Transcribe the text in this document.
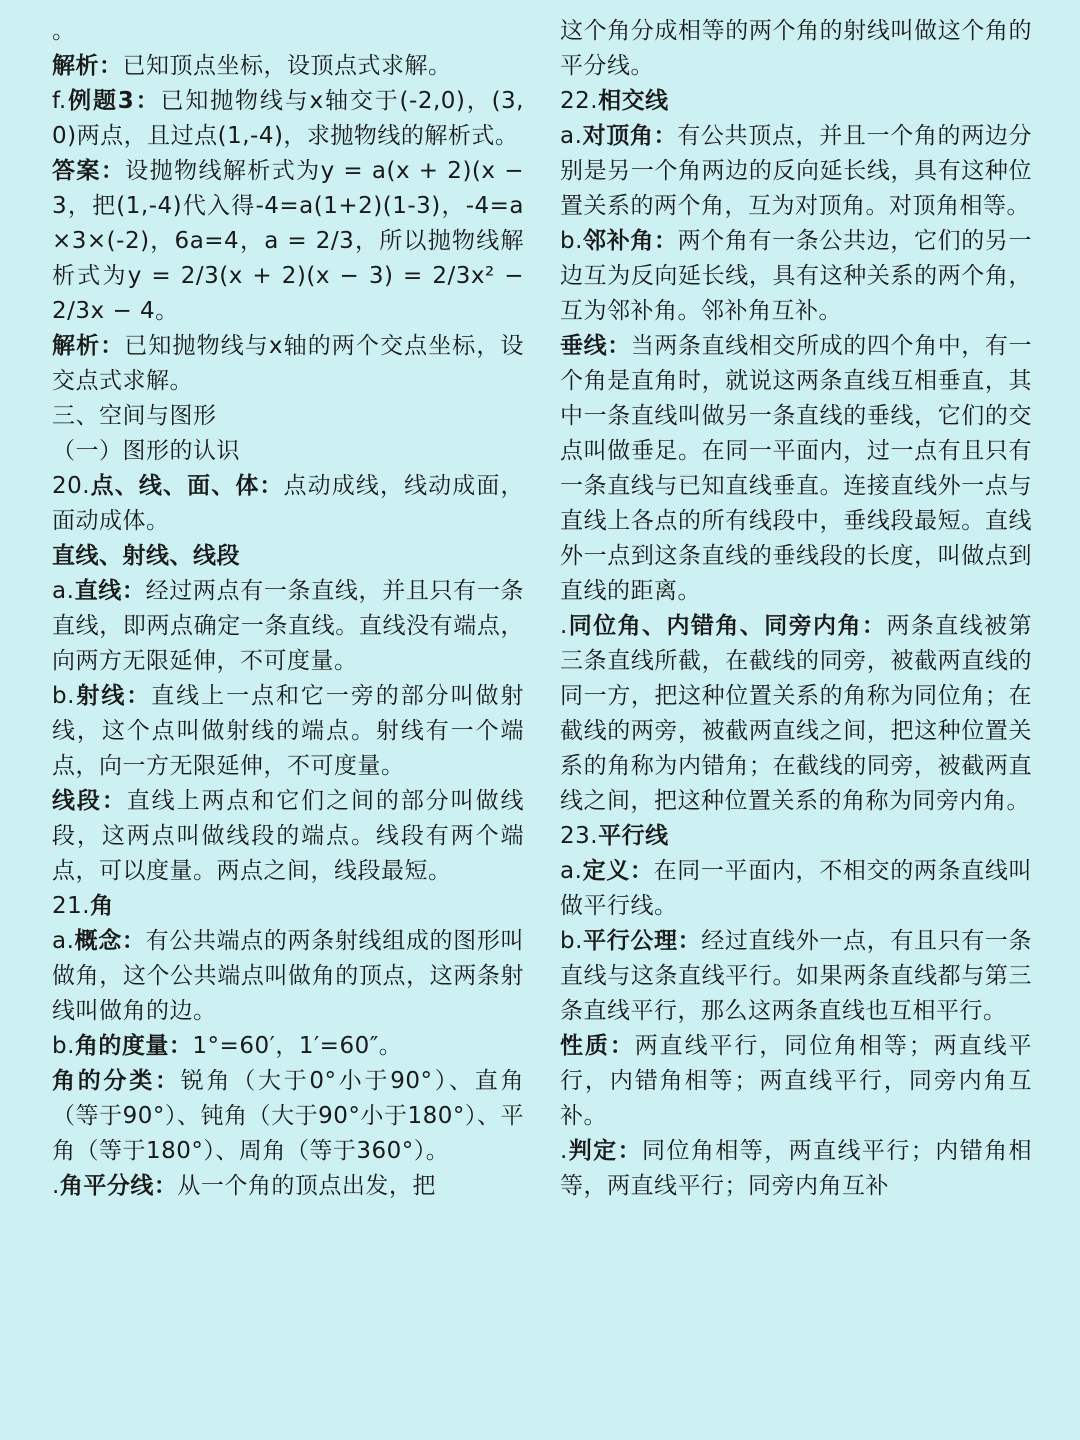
。

解析：已知顶点坐标，设顶点式求解。

f.例题3：已知抛物线与x轴交于(-2,0)，(3,0)两点，且过点(1,-4)，求抛物线的解析式。

答案：设抛物线解析式为y = a(x + 2)(x − 3，把(1,-4)代入得-4=a(1+2)(1-3)，-4=a×3×(-2)，6a=4，a = 2/3，所以抛物线解析式为y = 2/3(x + 2)(x − 3) = 2/3x² − 2/3x − 4。

解析：已知抛物线与x轴的两个交点坐标，设交点式求解。

三、空间与图形

（一）图形的认识

20.点、线、面、体：点动成线，线动成面，面动成体。

直线、射线、线段

a.直线：经过两点有一条直线，并且只有一条直线，即两点确定一条直线。直线没有端点，向两方无限延伸，不可度量。

b.射线：直线上一点和它一旁的部分叫做射线，这个点叫做射线的端点。射线有一个端点，向一方无限延伸，不可度量。

线段：直线上两点和它们之间的部分叫做线段，这两点叫做线段的端点。线段有两个端点，可以度量。两点之间，线段最短。

21.角

a.概念：有公共端点的两条射线组成的图形叫做角，这个公共端点叫做角的顶点，这两条射线叫做角的边。

b.角的度量：1°=60′，1′=60″。

角的分类：锐角（大于0°小于90°）、直角（等于90°）、钝角（大于90°小于180°）、平角（等于180°）、周角（等于360°）。

.角平分线：从一个角的顶点出发，把

这个角分成相等的两个角的射线叫做这个角的平分线。

22.相交线

a.对顶角：有公共顶点，并且一个角的两边分别是另一个角两边的反向延长线，具有这种位置关系的两个角，互为对顶角。对顶角相等。

b.邻补角：两个角有一条公共边，它们的另一边互为反向延长线，具有这种关系的两个角，互为邻补角。邻补角互补。

垂线：当两条直线相交所成的四个角中，有一个角是直角时，就说这两条直线互相垂直，其中一条直线叫做另一条直线的垂线，它们的交点叫做垂足。在同一平面内，过一点有且只有一条直线与已知直线垂直。连接直线外一点与直线上各点的所有线段中，垂线段最短。直线外一点到这条直线的垂线段的长度，叫做点到直线的距离。

.同位角、内错角、同旁内角：两条直线被第三条直线所截，在截线的同旁，被截两直线的同一方，把这种位置关系的角称为同位角；在截线的两旁，被截两直线之间，把这种位置关系的角称为内错角；在截线的同旁，被截两直线之间，把这种位置关系的角称为同旁内角。

23.平行线

a.定义：在同一平面内，不相交的两条直线叫做平行线。

b.平行公理：经过直线外一点，有且只有一条直线与这条直线平行。如果两条直线都与第三条直线平行，那么这两条直线也互相平行。

性质：两直线平行，同位角相等；两直线平行，内错角相等；两直线平行，同旁内角互补。

.判定：同位角相等，两直线平行；内错角相等，两直线平行；同旁内角互补
